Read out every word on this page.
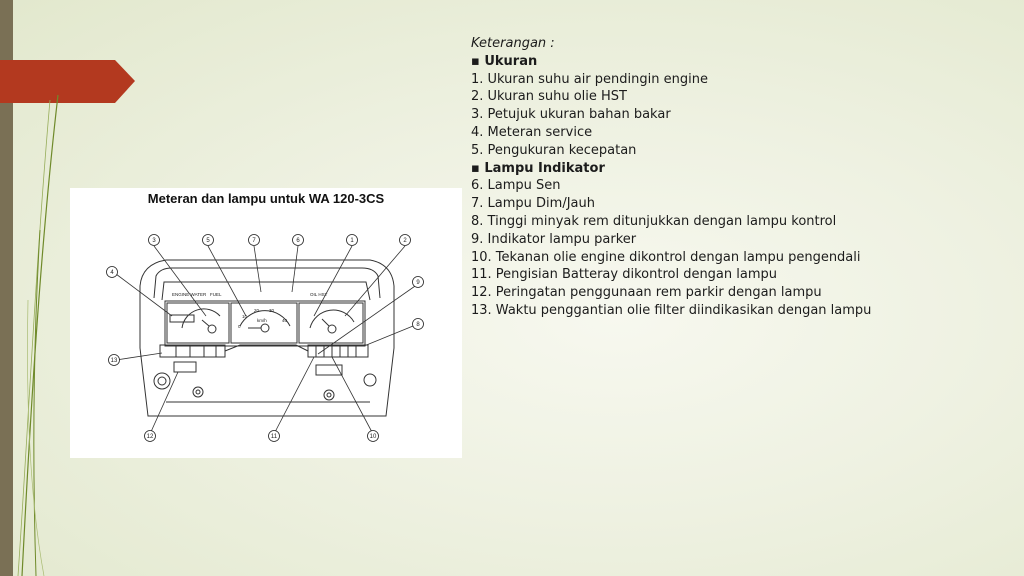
Meteran dan lampu untuk WA 120-3CS
ENGINE WATER FUEL	OIL HST
km/h
20 30
40
10
0
1	2
3
4
5	6
7
8
9
10
11
12
13
Keterangan :
▪ Ukuran
1. Ukuran suhu air pendingin engine
2. Ukuran suhu olie HST
3. Petujuk ukuran bahan bakar
4. Meteran service
5. Pengukuran kecepatan
▪ Lampu Indikator
6. Lampu Sen
7. Lampu Dim/Jauh
8. Tinggi minyak rem ditunjukkan dengan lampu kontrol
9. Indikator lampu parker
10. Tekanan olie engine dikontrol dengan lampu pengendali
11. Pengisian Batteray dikontrol dengan lampu
12. Peringatan penggunaan rem parkir dengan lampu
13. Waktu penggantian olie filter diindikasikan dengan lampu
